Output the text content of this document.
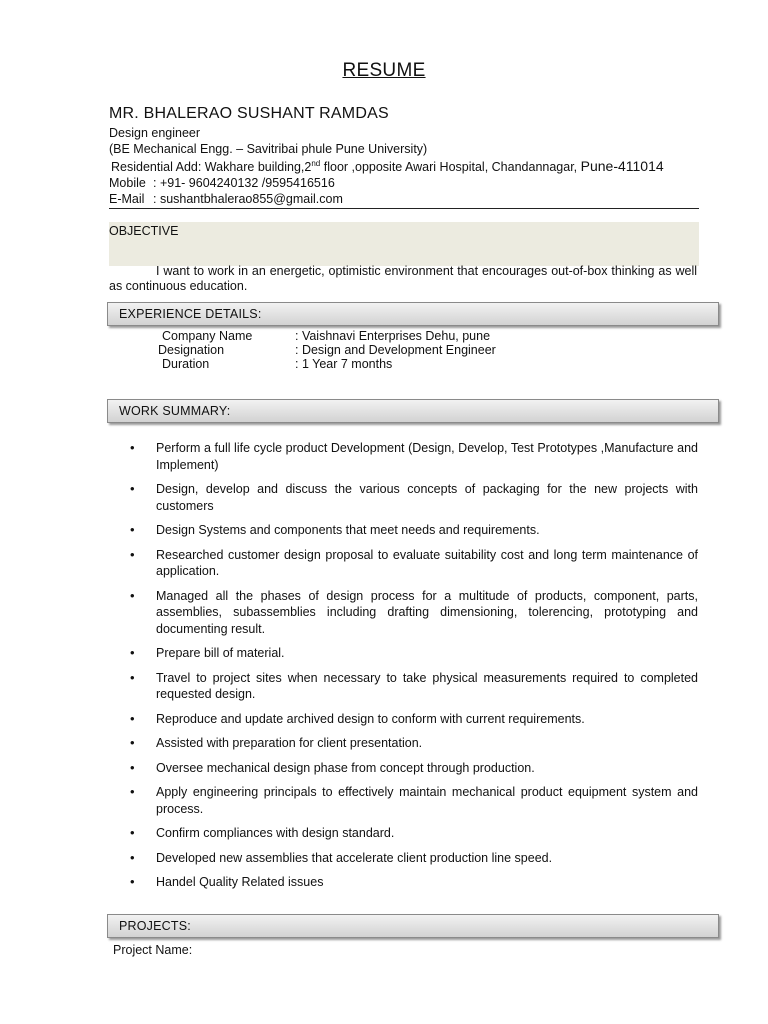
RESUME
MR. BHALERAO SUSHANT RAMDAS
Design engineer
(BE Mechanical Engg. – Savitribai phule Pune University)
Residential Add: Wakhare building,2nd floor ,opposite Awari Hospital, Chandannagar, Pune-411014
Mobile : +91- 9604240132 /9595416516
E-Mail : sushantbhalerao855@gmail.com
OBJECTIVE
I want to work in an energetic, optimistic environment that encourages out-of-box thinking as well as continuous education.
EXPERIENCE DETAILS:
Company Name	: Vaishnavi Enterprises Dehu, pune
Designation	: Design and Development Engineer
Duration	: 1 Year 7 months
WORK SUMMARY:
• Perform a full life cycle product Development (Design, Develop, Test Prototypes ,Manufacture and Implement)
• Design, develop and discuss the various concepts of packaging for the new projects with customers
• Design Systems and components that meet needs and requirements.
• Researched customer design proposal to evaluate suitability cost and long term maintenance of application.
• Managed all the phases of design process for a multitude of products, component, parts, assemblies, subassemblies including drafting dimensioning, tolerencing, prototyping and documenting result.
• Prepare bill of material.
• Travel to project sites when necessary to take physical measurements required to completed requested design.
• Reproduce and update archived design to conform with current requirements.
• Assisted with preparation for client presentation.
• Oversee mechanical design phase from concept through production.
• Apply engineering principals to effectively maintain mechanical product equipment system and process.
• Confirm compliances with design standard.
• Developed new assemblies that accelerate client production line speed.
• Handel Quality Related issues
PROJECTS:
Project Name:
